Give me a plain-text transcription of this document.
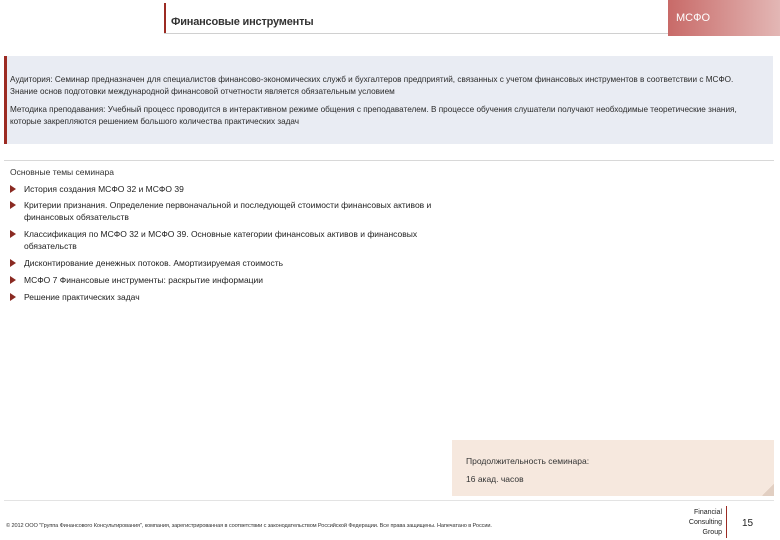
Финансовые инструменты	МСФО

Аудитория: Семинар предназначен для специалистов финансово-экономических служб и бухгалтеров предприятий, связанных с учетом финансовых инструментов в соответствии с МСФО. Знание основ подготовки международной финансовой отчетности является обязательным условием

Методика преподавания: Учебный процесс проводится в интерактивном режиме общения с преподавателем. В процессе обучения слушатели получают необходимые теоретические знания, которые закрепляются решением большого количества практических задач

Основные темы семинара
История создания МСФО 32 и МСФО 39
Критерии признания. Определение первоначальной и последующей стоимости финансовых активов и финансовых обязательств
Классификация по МСФО 32 и МСФО 39. Основные категории финансовых активов и финансовых обязательств
Дисконтирование денежных потоков. Амортизируемая стоимость
МСФО 7 Финансовые инструменты: раскрытие информации
Решение практических задач
Продолжительность семинара:
16 акад. часов
© 2012 ООО "Группа Финансового Консультирования", компания, зарегистрированная в соответствии с законодательством Российской Федерации. Все права защищены. Напечатано в России.
Financial
Consulting
Group
15
